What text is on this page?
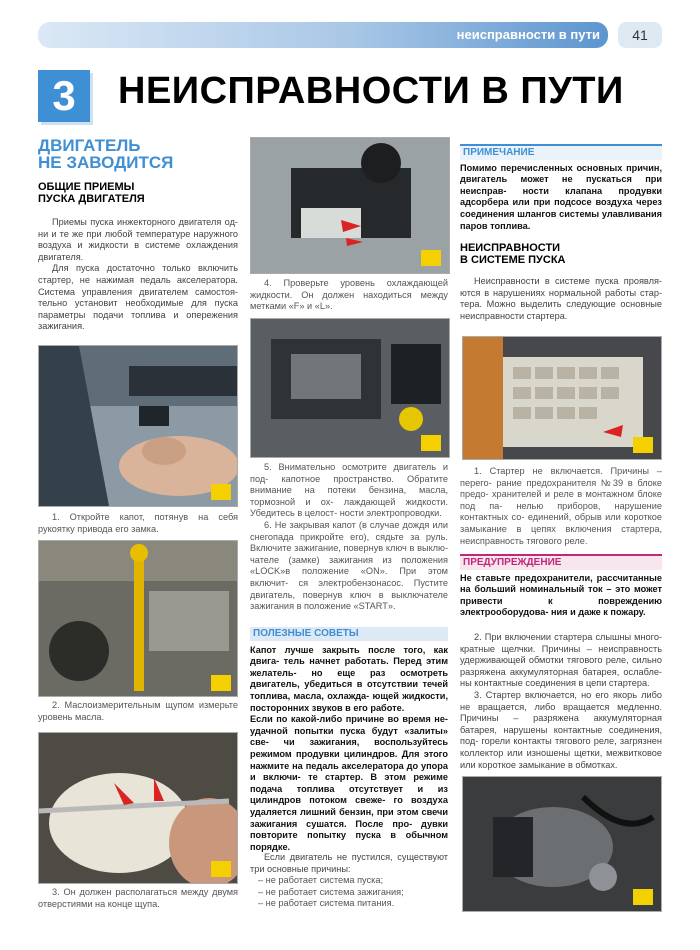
неисправности в пути	41
3	НЕИСПРАВНОСТИ В ПУТИ
ДВИГАТЕЛЬ
НЕ ЗАВОДИТСЯ
ОБЩИЕ ПРИЕМЫ
ПУСКА ДВИГАТЕЛЯ

Приемы пуска инжекторного двигателя од- ни и те же при любой температуре наружного воздуха и жидкости в системе охлаждения двигателя.

Для пуска достаточно только включить стартер, не нажимая педаль акселератора. Система управления двигателем самостоя- тельно установит необходимые для пуска параметры подачи топлива и опережения зажигания.

1. Откройте капот, потянув на себя рукоятку привода его замка.

2. Маслоизмерительным щупом измерьте уровень масла.

3. Он должен располагаться между двумя отверстиями на конце щупа.

4. Проверьте уровень охлаждающей жидкости. Он должен находиться между метками «F» и «L».

5. Внимательно осмотрите двигатель и под- капотное пространство. Обратите внимание на потеки бензина, масла, тормозной и ох- лаждающей жидкости. Убедитесь в целост- ности электропроводки.

6. Не закрывая капот (в случае дождя или снегопада прикройте его), сядьте за руль. Включите зажигание, повернув ключ в выклю- чателе (замке) зажигания из положения «LOCK»в положение «ON». При этом включит- ся электробензонасос. Пустите двигатель, повернув ключ в выключателе зажигания в положение «START».

ПОЛЕЗНЫЕ СОВЕТЫ
Капот лучше закрыть после того, как двига- тель начнет работать. Перед этим желатель- но еще раз осмотреть двигатель, убедиться в отсутствии течей топлива, масла, охлажда- ющей жидкости, посторонних звуков в его работе.
Если по какой-либо причине во время не- удачной попытки пуска будут «залиты» све- чи зажигания, воспользуйтесь режимом продувки цилиндров. Для этого нажмите на педаль акселератора до упора и включи- те стартер. В этом режиме подача топлива отсутствует и из цилиндров потоком свеже- го воздуха удаляется лишний бензин, при этом свечи зажигания сушатся. После про- дувки повторите попытку пуска в обычном порядке.

Если двигатель не пустился, существуют три основные причины:

– не работает система пуска;
– не работает система зажигания;
– не работает система питания.
ПРИМЕЧАНИЕ
Помимо перечисленных основных причин, двигатель может не пускаться при неисправ- ности клапана продувки адсорбера или при подсосе воздуха через соединения шлангов системы улавливания паров топлива.
НЕИСПРАВНОСТИ
В СИСТЕМЕ ПУСКА

Неисправности в системе пуска проявля- ются в нарушениях нормальной работы стар- тера. Можно выделить следующие основные неисправности стартера.

1. Стартер не включается. Причины – перего- рание предохранителя №39 в блоке предо- хранителей и реле в монтажном блоке под па- нелью приборов, нарушение контактных со- единений, обрыв или короткое замыкание в цепях включения стартера, неисправность тягового реле.

ПРЕДУПРЕЖДЕНИЕ
Не ставьте предохранители, рассчитанные на больший номинальный ток – это может привести к повреждению электрооборудова- ния и даже к пожару.

2. При включении стартера слышны много- кратные щелчки. Причины – неисправность удерживающей обмотки тягового реле, сильно разряжена аккумуляторная батарея, ослабле- ны контактные соединения в цепи стартера.

3. Стартер включается, но его якорь либо не вращается, либо вращается медленно. Причины – разряжена аккумуляторная батарея, нарушены контактные соединения, под- горели контакты тягового реле, загрязнен коллектор или изношены щетки, межвитковое или короткое замыкание в обмотках.
